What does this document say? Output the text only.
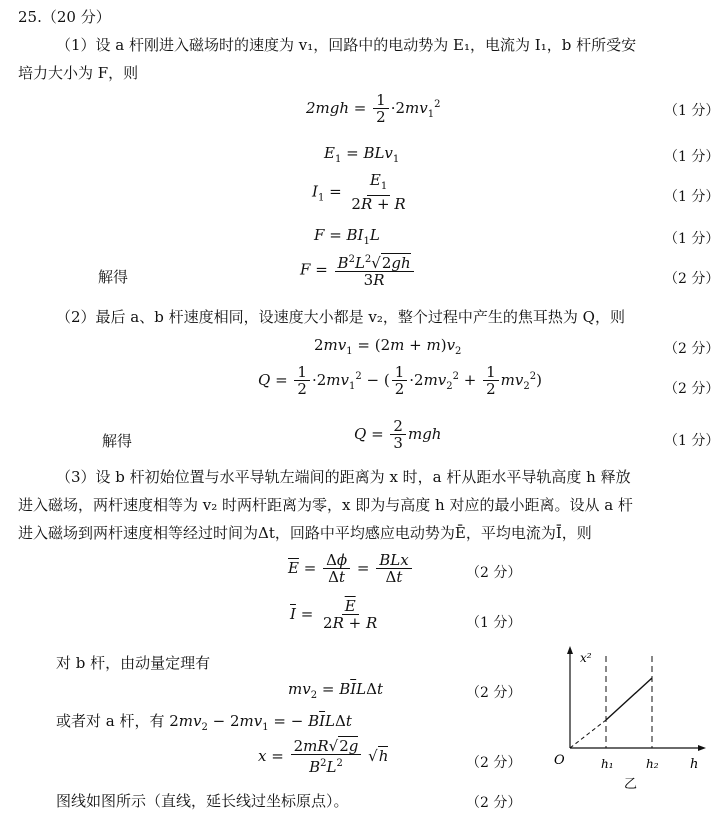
25.（20 分）
（1）设 a 杆刚进入磁场时的速度为 v₁，回路中的电动势为 E₁，电流为 I₁，b 杆所受安
培力大小为 F，则
$2mgh = \frac{1}{2} \cdot 2mv_1^2$	（1 分）
$E_1 = BLv_1$	（1 分）
$I_1 = \frac{E_1}{2R + R}$	（1 分）
$F = BI_1L$	（1 分）
解得	$F = \frac{B^2L^2√2gh}{3R}$	（2 分）
（2）最后 a、b 杆速度相同，设速度大小都是 v₂，整个过程中产生的焦耳热为 Q，则
$2mv_1 = (2m + m)v_2$	（2 分）
$Q = \frac{1}{2} \cdot 2mv_1^2$ − ( $\frac{1}{2} \cdot 2mv_2^2 + \frac{1}{2} mv_2^2$)	（2 分）
解得	$Q = \frac{2}{3}$ mgh	（1 分）
（3）设 b 杆初始位置与水平导轨左端间的距离为 x 时，a 杆从距水平导轨高度 h 释放
进入磁场，两杆速度相等为 v₂ 时两杆距离为零，x 即为与高度 h 对应的最小距离。设从 a 杆
进入磁场到两杆速度相等经过时间为Δt，回路中平均感应电动势为Ē，平均电流为Ī，则
$\overline{E} = \frac{\Delta\phi}{\Delta t} = \frac{\text{BLx}}{\Delta t}$	（2 分）
$\overline{I} = \frac{\overline{E}}{2R + R}$	（1 分）
对 b 杆，由动量定理有
$mv_2 = B\overline{I}L\Delta t$	（2 分）
或者对 a 杆，有 $2mv_2 - 2mv_1$ = − $B\overline{I}L\Delta t$
$x = \frac{2mR√2g}{B^2L^2} √h$	（2 分）
图线如图所示（直线，延长线过坐标原点）。	（2 分）
x²
O	h₁	h₂ h
乙
